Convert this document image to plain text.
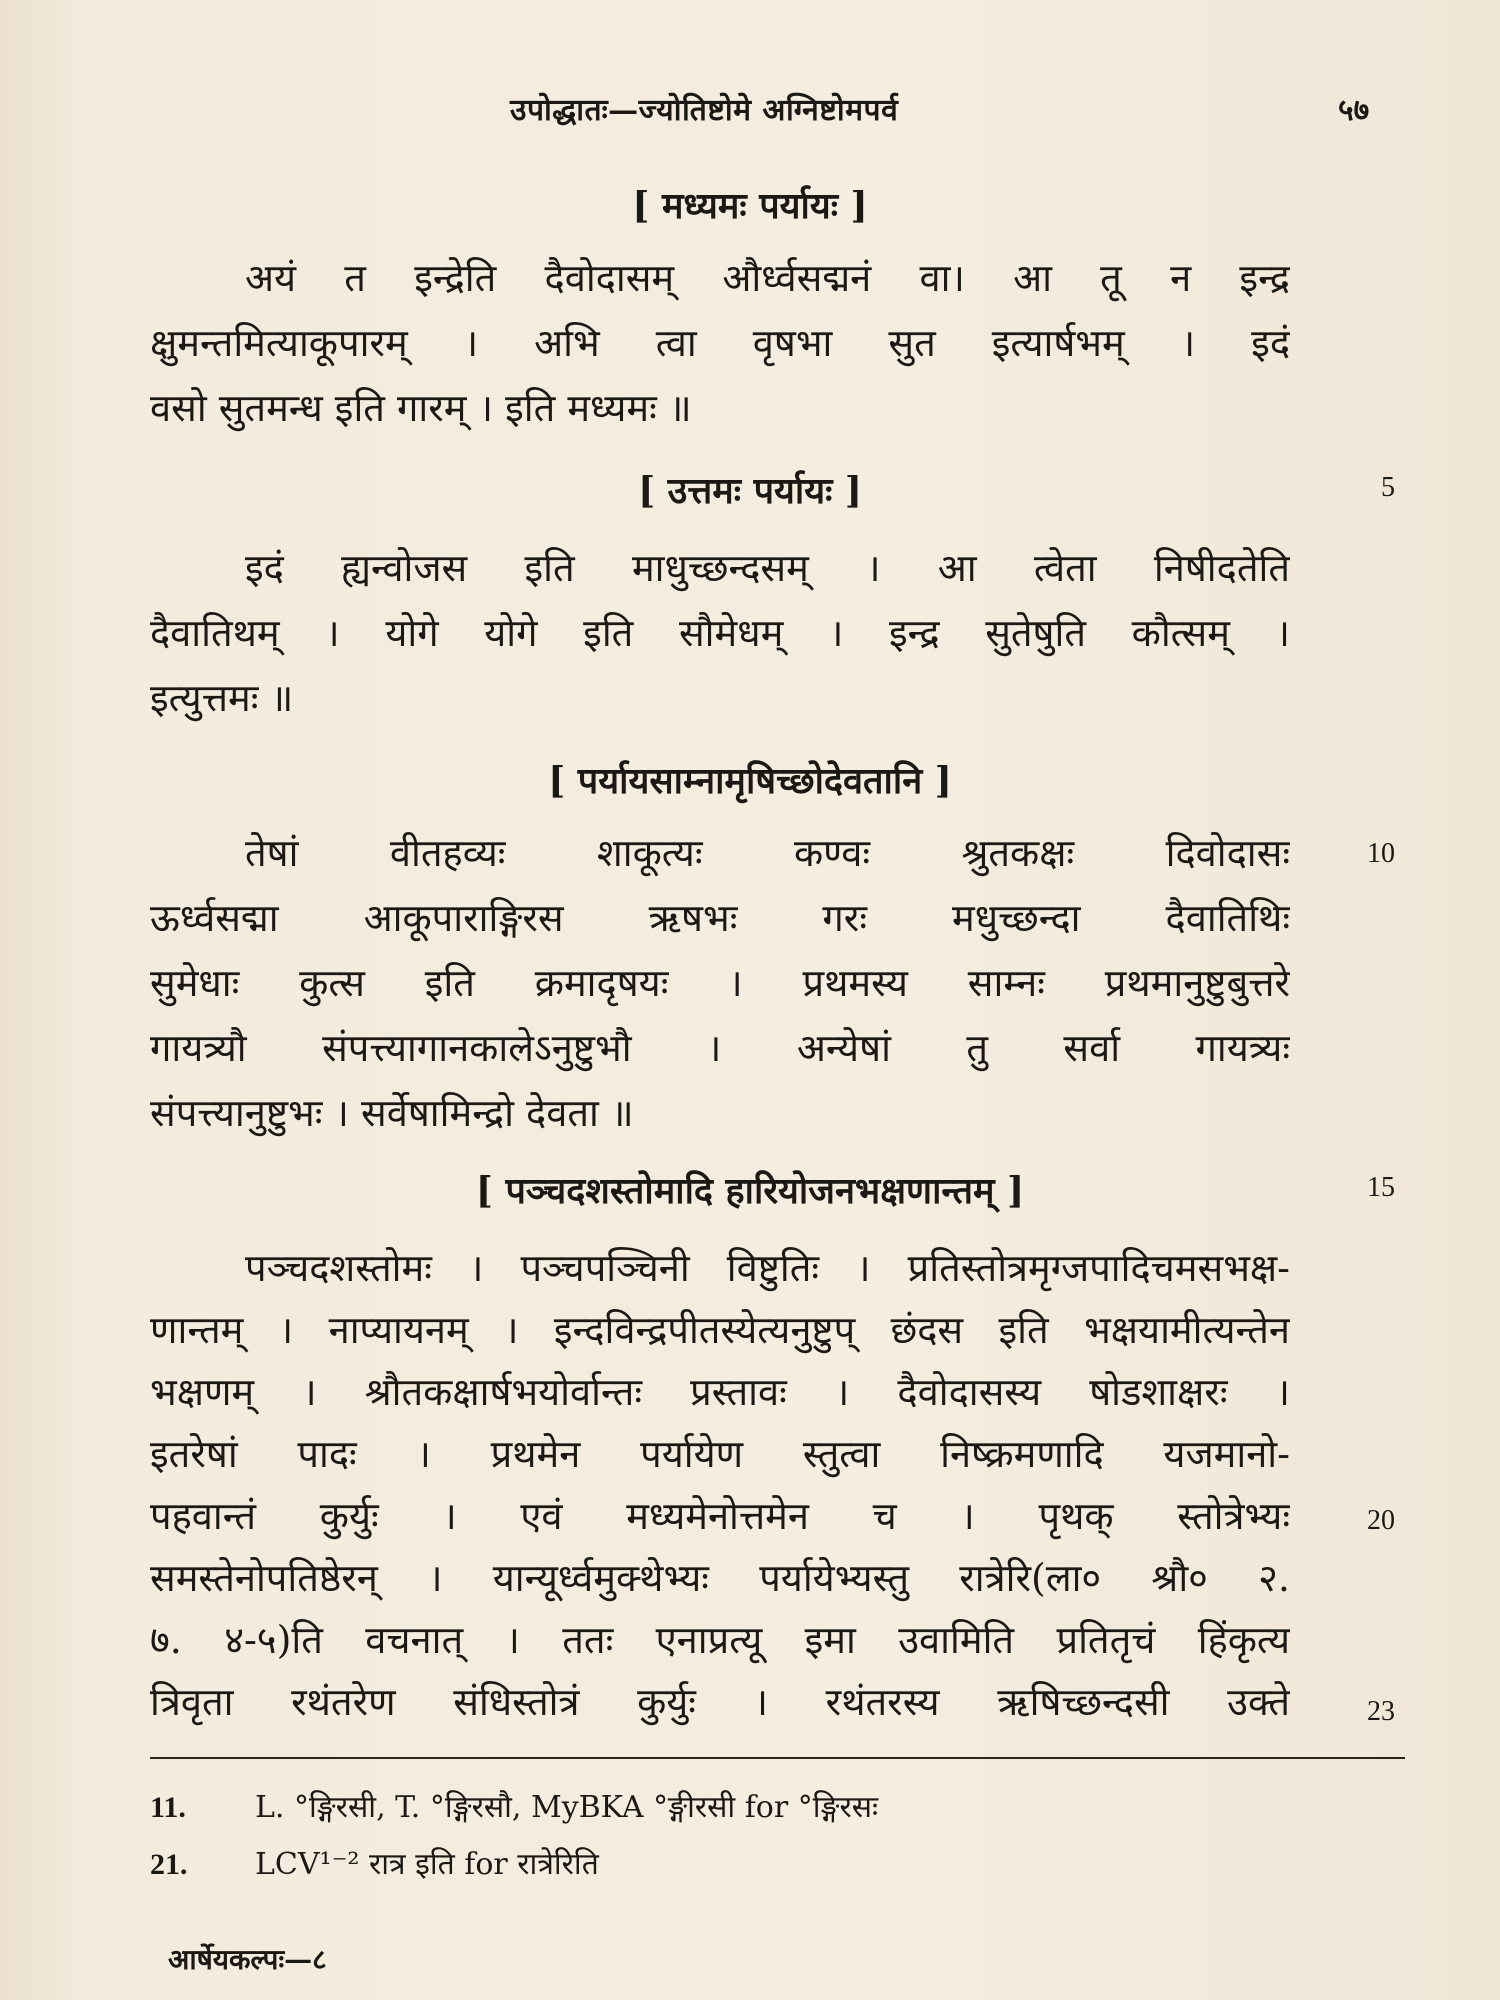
उपोद्धातः—ज्योतिष्टोमे अग्निष्टोमपर्व	५७
[ मध्यमः पर्यायः ]
अयं त इन्द्रेति दैवोदासम् और्ध्वसद्मनं वा। आ तू न इन्द्र
क्षुमन्तमित्याकूपारम् । अभि त्वा वृषभा सुत इत्यार्षभम् । इदं
वसो सुतमन्ध इति गारम् । इति मध्यमः ॥
[ उत्तमः पर्यायः ]	5
इदं ह्यन्वोजस इति माधुच्छन्दसम् । आ त्वेता निषीदतेति
दैवातिथम् । योगे योगे इति सौमेधम् । इन्द्र सुतेषुति कौत्सम् ।
इत्युत्तमः ॥
[ पर्यायसाम्नामृषिच्छोदेवतानि ]
तेषां वीतहव्यः शाकूत्यः कण्वः श्रुतकक्षः दिवोदासः	10
ऊर्ध्वसद्मा आकूपाराङ्गिरस ऋषभः गरः मधुच्छन्दा दैवातिथिः
सुमेधाः कुत्स इति क्रमादृषयः । प्रथमस्य साम्नः प्रथमानुष्टुबुत्तरे
गायत्र्यौ संपत्त्यागानकालेऽनुष्टुभौ । अन्येषां तु सर्वा गायत्र्यः
संपत्त्यानुष्टुभः । सर्वेषामिन्द्रो देवता ॥
[ पञ्चदशस्तोमादि हारियोजनभक्षणान्तम् ]	15
पञ्चदशस्तोमः । पञ्चपञ्चिनी विष्टुतिः । प्रतिस्तोत्रमृग्जपादिचमसभक्ष-
णान्तम् । नाप्यायनम् । इन्दविन्द्रपीतस्येत्यनुष्टुप् छंदस इति भक्षयामीत्यन्तेन
भक्षणम् । श्रौतकक्षार्षभयोर्वान्तः प्रस्तावः । दैवोदासस्य षोडशाक्षरः ।
इतरेषां पादः । प्रथमेन पर्यायेण स्तुत्वा निष्क्रमणादि यजमानो-
पहवान्तं कुर्युः । एवं मध्यमेनोत्तमेन च । पृथक् स्तोत्रेभ्यः	20
समस्तेनोपतिष्ठेरन् । यान्यूर्ध्वमुक्थेभ्यः पर्यायेभ्यस्तु रात्रेरि(ला० श्रौ० २.
७. ४-५)ति वचनात् । ततः एनाप्रत्यू इमा उवामिति प्रतितृचं हिंकृत्य
त्रिवृता रथंतरेण संधिस्तोत्रं कुर्युः । रथंतरस्य ऋषिच्छन्दसी उक्ते	23
11. L. °ङ्गिरसी, T. °ङ्गिरसौ, MyBKA °ङ्गीरसी for °ङ्गिरसः
21. LCV¹⁻² रात्र इति for रात्रेरिति
आर्षेयकल्पः—८
